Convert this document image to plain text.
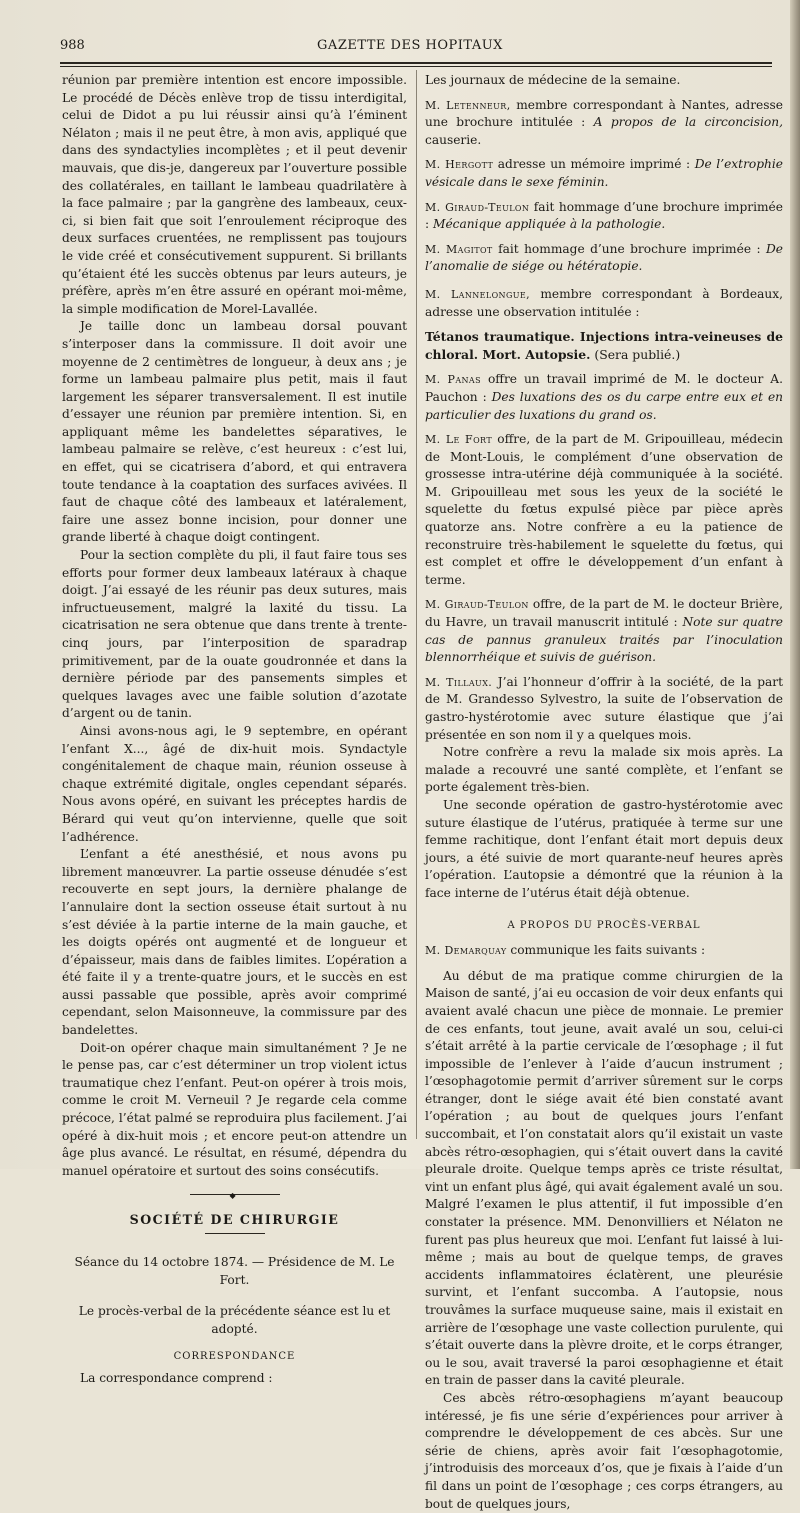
988	GAZETTE DES HOPITAUX

réunion par première intention est encore impossible. Le procédé de Décès enlève trop de tissu interdigital, celui de Didot a pu lui réussir ainsi qu’à l’éminent Nélaton ; mais il ne peut être, à mon avis, appliqué que dans des syndactylies incomplètes ; et il peut devenir mauvais, que dis-je, dangereux par l’ouverture possible des collatérales, en taillant le lambeau quadrilatère à la face palmaire ; par la gangrène des lambeaux, ceux-ci, si bien fait que soit l’enroulement réciproque des deux surfaces cruentées, ne remplissent pas toujours le vide créé et consécutivement suppurent. Si brillants qu’étaient été les succès obtenus par leurs auteurs, je préfère, après m’en être assuré en opérant moi-même, la simple modification de Morel-Lavallée.

Je taille donc un lambeau dorsal pouvant s’interposer dans la commissure. Il doit avoir une moyenne de 2 centimètres de longueur, à deux ans ; je forme un lambeau palmaire plus petit, mais il faut largement les séparer transversalement. Il est inutile d’essayer une réunion par première intention. Si, en appliquant même les bandelettes séparatives, le lambeau palmaire se relève, c’est heureux : c’est lui, en effet, qui se cicatrisera d’abord, et qui entravera toute tendance à la coaptation des surfaces avivées. Il faut de chaque côté des lambeaux et latéralement, faire une assez bonne incision, pour donner une grande liberté à chaque doigt contingent.

Pour la section complète du pli, il faut faire tous ses efforts pour former deux lambeaux latéraux à chaque doigt. J’ai essayé de les réunir pas deux sutures, mais infructueusement, malgré la laxité du tissu. La cicatrisation ne sera obtenue que dans trente à trente-cinq jours, par l’interposition de sparadrap primitivement, par de la ouate goudronnée et dans la dernière période par des pansements simples et quelques lavages avec une faible solution d’azotate d’argent ou de tanin.

Ainsi avons-nous agi, le 9 septembre, en opérant l’enfant X..., âgé de dix-huit mois. Syndactyle congénitalement de chaque main, réunion osseuse à chaque extrémité digitale, ongles cependant séparés. Nous avons opéré, en suivant les préceptes hardis de Bérard qui veut qu’on intervienne, quelle que soit l’adhérence.

L’enfant a été anesthésié, et nous avons pu librement manœuvrer. La partie osseuse dénudée s’est recouverte en sept jours, la dernière phalange de l’annulaire dont la section osseuse était surtout à nu s’est déviée à la partie interne de la main gauche, et les doigts opérés ont augmenté et de longueur et d’épaisseur, mais dans de faibles limites. L’opération a été faite il y a trente-quatre jours, et le succès en est aussi passable que possible, après avoir comprimé cependant, selon Maisonneuve, la commissure par des bandelettes.

Doit-on opérer chaque main simultanément ? Je ne le pense pas, car c’est déterminer un trop violent ictus traumatique chez l’enfant. Peut-on opérer à trois mois, comme le croit M. Verneuil ? Je regarde cela comme précoce, l’état palmé se reproduira plus facilement. J’ai opéré à dix-huit mois ; et encore peut-on attendre un âge plus avancé. Le résultat, en résumé, dépendra du manuel opératoire et surtout des soins consécutifs.

◆
SOCIÉTÉ DE CHIRURGIE

Séance du 14 octobre 1874. — Présidence de M. Le Fort.

Le procès-verbal de la précédente séance est lu et adopté.

CORRESPONDANCE

La correspondance comprend :

Les journaux de médecine de la semaine.

M. Letenneur, membre correspondant à Nantes, adresse une brochure intitulée : A propos de la circoncision, causerie.

M. Hergott adresse un mémoire imprimé : De l’extrophie vésicale dans le sexe féminin.

M. Giraud-Teulon fait hommage d’une brochure imprimée : Mécanique appliquée à la pathologie.

M. Magitot fait hommage d’une brochure imprimée : De l’anomalie de siége ou hétératopie.

M. Lannelongue, membre correspondant à Bordeaux, adresse une observation intitulée :

Tétanos traumatique. Injections intra-veineuses de chloral. Mort. Autopsie. (Sera publié.)

M. Panas offre un travail imprimé de M. le docteur A. Pauchon : Des luxations des os du carpe entre eux et en particulier des luxations du grand os.

M. Le Fort offre, de la part de M. Gripouilleau, médecin de Mont-Louis, le complément d’une observation de grossesse intra-utérine déjà communiquée à la société. M. Gripouilleau met sous les yeux de la société le squelette du fœtus expulsé pièce par pièce après quatorze ans. Notre confrère a eu la patience de reconstruire très-habilement le squelette du fœtus, qui est complet et offre le développement d’un enfant à terme.

M. Giraud-Teulon offre, de la part de M. le docteur Brière, du Havre, un travail manuscrit intitulé : Note sur quatre cas de pannus granuleux traités par l’inoculation blennorrhéique et suivis de guérison.

M. Tillaux. J’ai l’honneur d’offrir à la société, de la part de M. Grandesso Sylvestro, la suite de l’observation de gastro-hystérotomie avec suture élastique que j’ai présentée en son nom il y a quelques mois.

Notre confrère a revu la malade six mois après. La malade a recouvré une santé complète, et l’enfant se porte également très-bien.

Une seconde opération de gastro-hystérotomie avec suture élastique de l’utérus, pratiquée à terme sur une femme rachitique, dont l’enfant était mort depuis deux jours, a été suivie de mort quarante-neuf heures après l’opération. L’autopsie a démontré que la réunion à la face interne de l’utérus était déjà obtenue.

A PROPOS DU PROCÈS-VERBAL

M. Demarquay communique les faits suivants :

Au début de ma pratique comme chirurgien de la Maison de santé, j’ai eu occasion de voir deux enfants qui avaient avalé chacun une pièce de monnaie. Le premier de ces enfants, tout jeune, avait avalé un sou, celui-ci s’était arrêté à la partie cervicale de l’œsophage ; il fut impossible de l’enlever à l’aide d’aucun instrument ; l’œsophagotomie permit d’arriver sûrement sur le corps étranger, dont le siége avait été bien constaté avant l’opération ; au bout de quelques jours l’enfant succombait, et l’on constatait alors qu’il existait un vaste abcès rétro-œsophagien, qui s’était ouvert dans la cavité pleurale droite. Quelque temps après ce triste résultat, vint un enfant plus âgé, qui avait également avalé un sou. Malgré l’examen le plus attentif, il fut impossible d’en constater la présence. MM. Denonvilliers et Nélaton ne furent pas plus heureux que moi. L’enfant fut laissé à lui-même ; mais au bout de quelque temps, de graves accidents inflammatoires éclatèrent, une pleurésie survint, et l’enfant succomba. A l’autopsie, nous trouvâmes la surface muqueuse saine, mais il existait en arrière de l’œsophage une vaste collection purulente, qui s’était ouverte dans la plèvre droite, et le corps étranger, ou le sou, avait traversé la paroi œsophagienne et était en train de passer dans la cavité pleurale.

Ces abcès rétro-œsophagiens m’ayant beaucoup intéressé, je fis une série d’expériences pour arriver à comprendre le développement de ces abcès. Sur une série de chiens, après avoir fait l’œsophagotomie, j’introduisis des morceaux d’os, que je fixais à l’aide d’un fil dans un point de l’œsophage ; ces corps étrangers, au bout de quelques jours,
